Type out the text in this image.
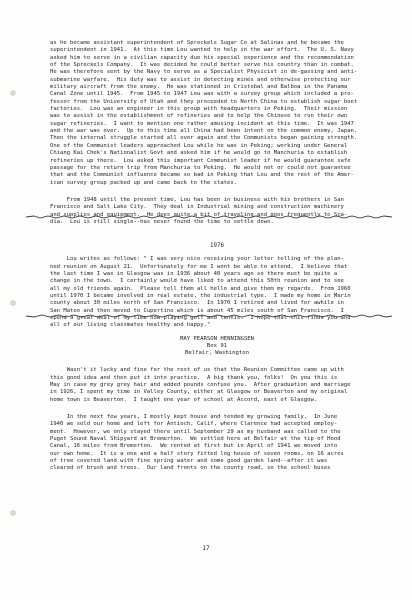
as he became assistant superintendent of Spreckels Sugar Co at Salinas and he became the
superintendent in 1941.  At this time Lou wanted to help in the war effort.  The U. S. Navy
asked him to serve in a civilian capacity due his special experience and the recommendation
of the Spreckels Company.  It was decided he could better serve his country than in combat.
He was therefore sent by the Navy to serve as a Specialist Physicist in de-gassing and anti-
submarine warfare.  His duty was to assist in detecting mines and otherwise protecting our
military aircraft from the enemy.  He was stationed in Cristobal and Balboa in the Panama
Canal Zone until 1945.  From 1945 to 1947 Lou was with a survey group which included a pro-
fessor from the University of Utah and they proceeded to North China to establish sugar beet
factories.  Lou was an engineer in this group with headquarters in Peking.  Their mission
was to assist in the establishment of refineries and to help the Chinese to run their own
sugar refineries.  I want to mention one rather amusing incident at this time.  It was 1947
and the war was over.  Up to this time all China had been intent on the common enemy, Japan.
Then the internal struggle started all over again and the Communists began gaining strength.
One of the Communist leaders approached Lou while he was in Peking; working under General
Chiang Kai Chek's Nationalist Govt and asked him if he would go to Manchuria to establish
refineries up there.  Lou asked this important Communist leader if he would guarantee safe
passage for the return trip from Manchuria to Peking.  He would not or could not guarantee
that and the Communist influence became so bad in Peking that Lou and the rest of the Amer-
ican survey group packed up and came back to the states.
From 1948 until the present time, Lou has been in business with his brothers in San
Francisco and Salt Lake City.  They deal in Industrial mining and construction machinery
and supplies and equipment.  He does quite a bit of traveling and goes frequently to Sca-
dia.  Lou is still single--has never found the time to settle down.
1976
Lou writes as follows: " I was very nice receiving your letter telling of the plan-
ned reunion on August 21.  Unfortunately for me I wont be able to attend.  I believe that
the last time I was in Glasgow was in 1936 about 40 years ago so there must be quite a
change in the town.  I certainly would have liked to attend this 50th reunion and to see
all my old friends again.  Please tell them all hello and give them my regards.  From 1960
until 1970 I became involved in real estate, the industrial type.  I made my home in Marin
county about 30 miles north of San Francisco.  In 1970 I retired and lived for awhile in
San Mateo and then moved to Cupertino which is about 45 miles south of San Francisco.  I
spend a great deal of my time now playing golf and tennis.  I hope that this finds you and
all of our living classmates healthy and happy."
MAY PEARSON HENNINGSEN
Box 91
Belfair, Washington
Wasn't it lucky and fine for the rest of us that the Reunion Committee came up with
this good idea and then put it into practice.  A big thank you, folks!  On you this is
May in case my grey grey hair and added pounds confuse you.  After graduation and marriage
in 1926, I spent my time in Valley County, either at Glasgow or Beaverton and my original
home town is Beaverton.  I taught one year of school at Accord, east of Glasgow.
In the next few years, I mostly kept house and tended my growing family.  In June
1940 we sold our home and left for Antioch, Calif, where Clarence had accepted employ-
ment.  However, we only stayed there until September 29 as my husband was called to the
Puget Sound Naval Shipyard at Bremerton.  We settled here at Belfair at the tip of Hood
Canal, 16 miles from Bremerton.  We rented at first but in April of 1941 we moved into
our own home.  It is a one and a half story fitted log house of seven rooms, on 16 acres
of tree covered land with fine spring water and some good garden land--after it was
cleared of brush and trees.  Our land fronts on the county road, so the school buses
17
